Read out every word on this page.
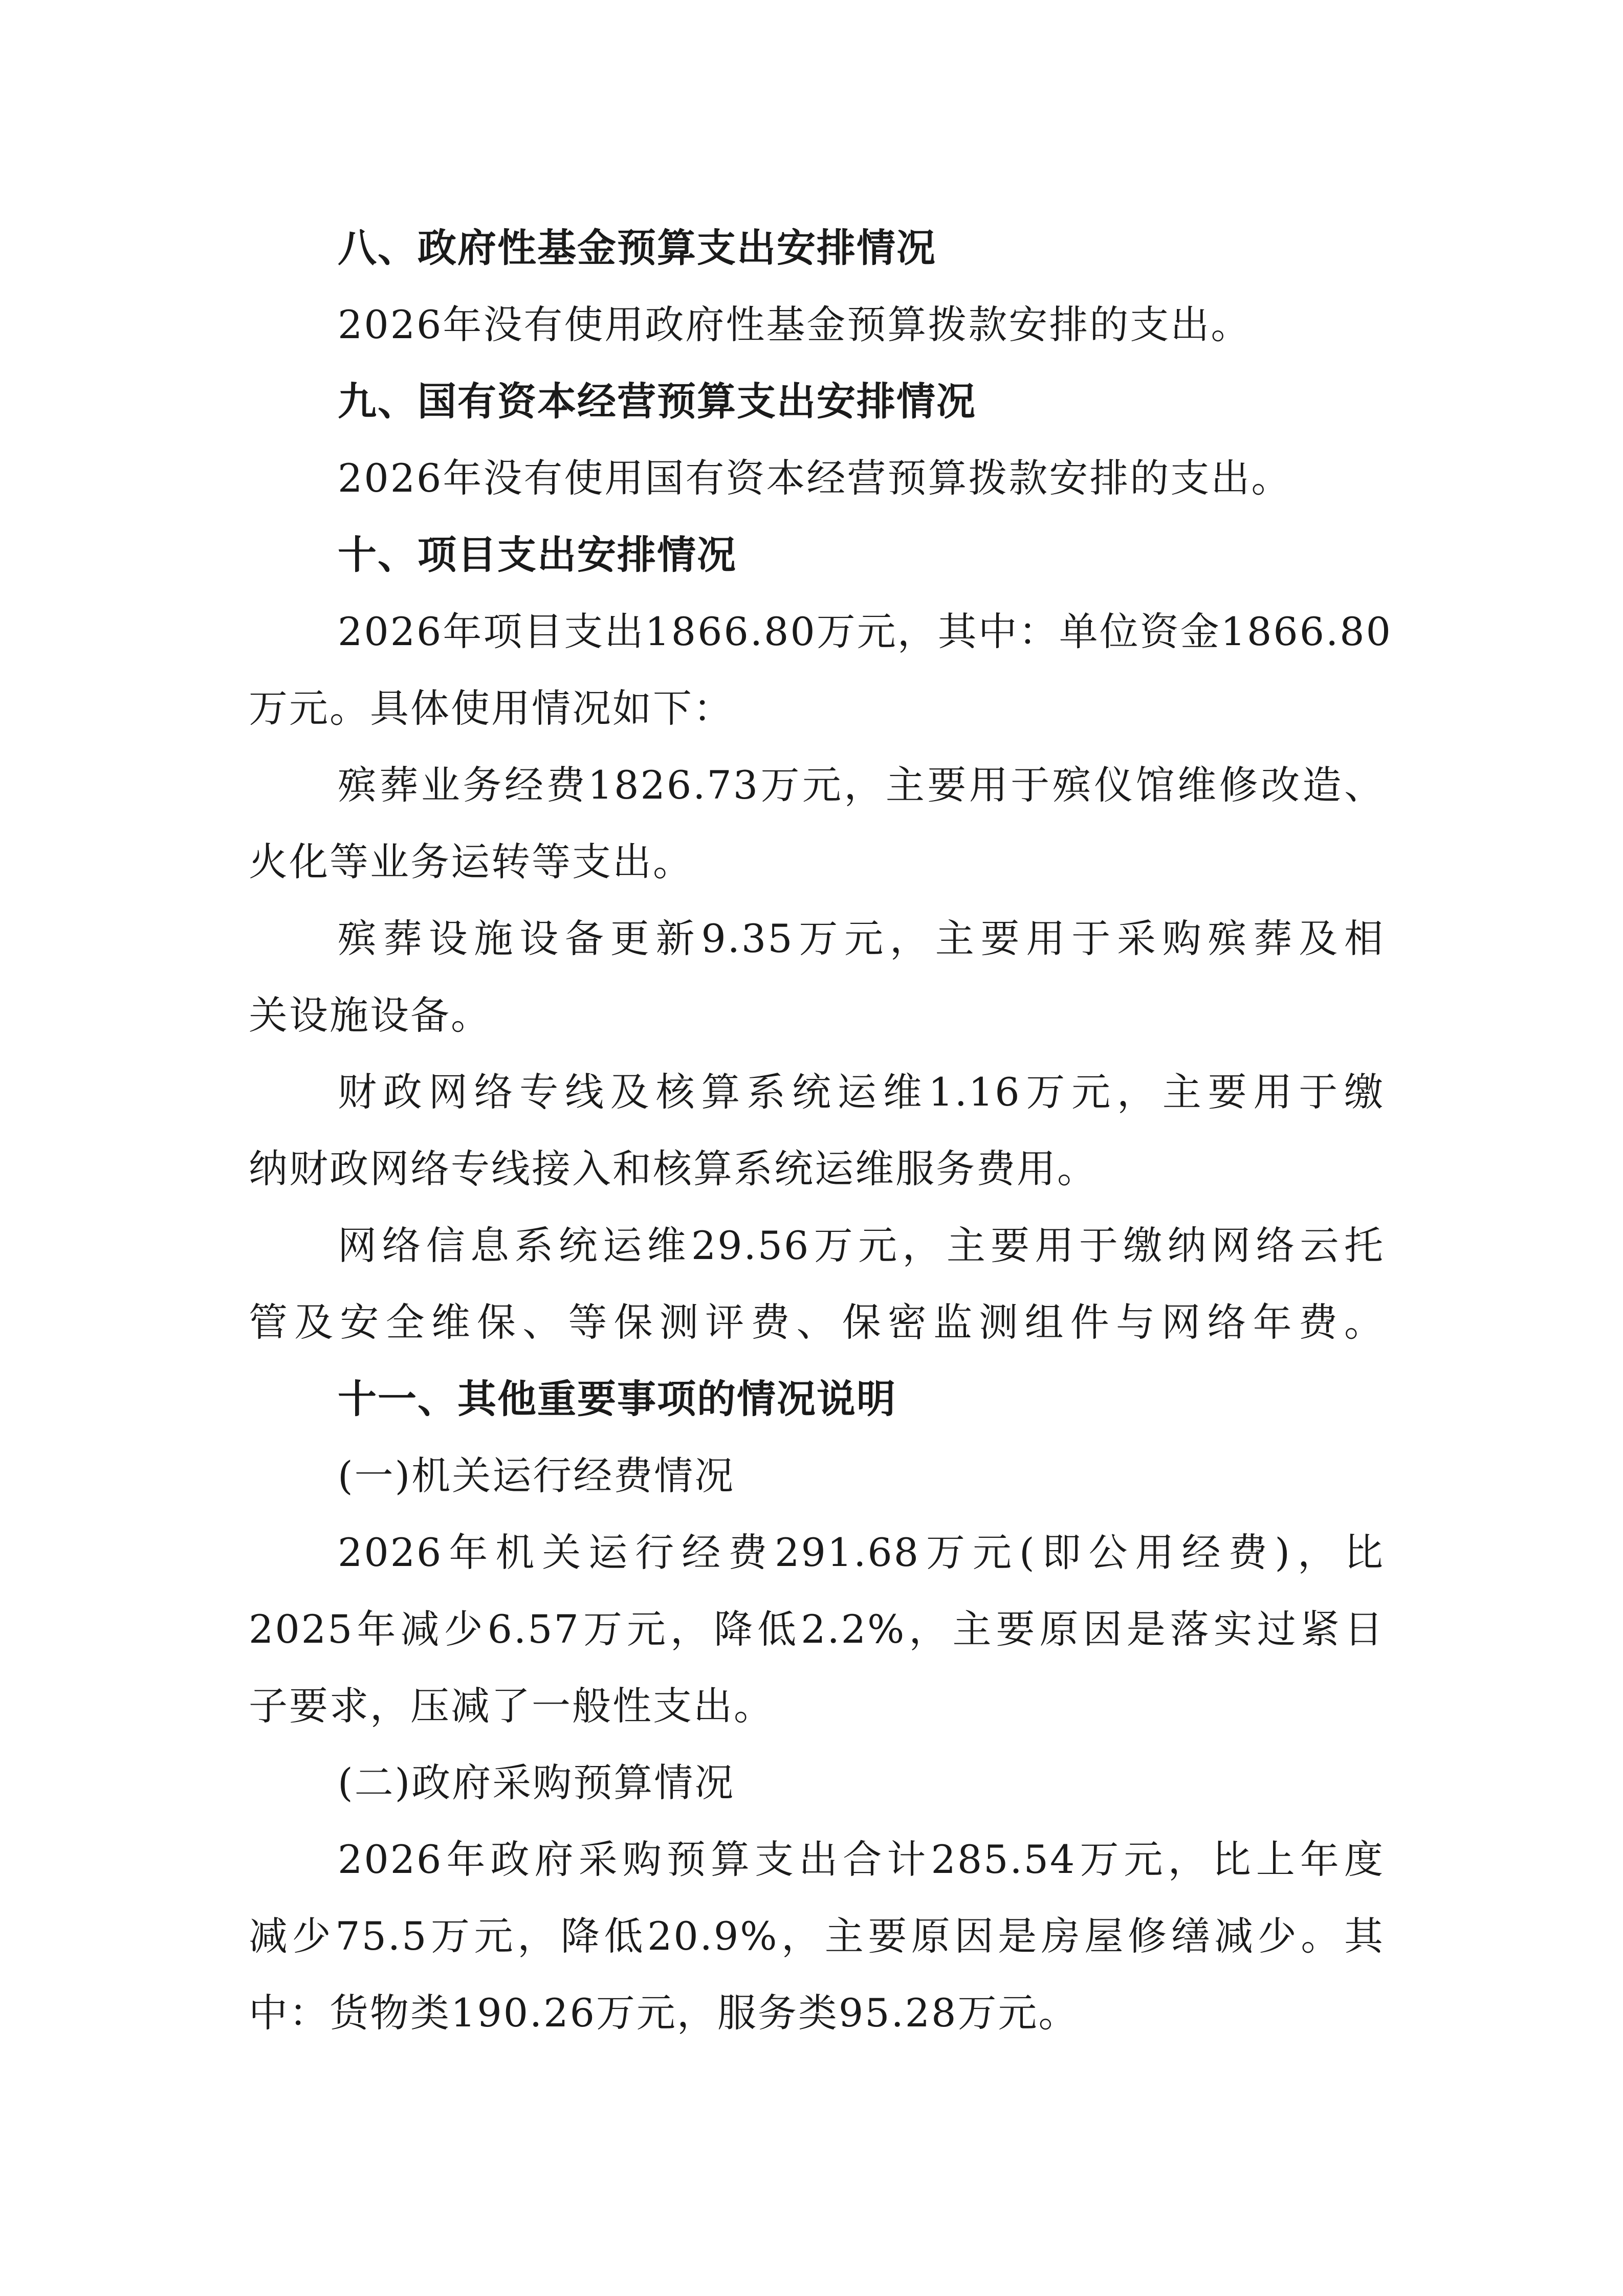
八、政府性基金预算支出安排情况
2026年没有使用政府性基金预算拨款安排的支出。
九、国有资本经营预算支出安排情况
2026年没有使用国有资本经营预算拨款安排的支出。
十、项目支出安排情况
2026年项目支出1866.80万元，其中：单位资金1866.80
万元。具体使用情况如下：
殡葬业务经费1826.73万元，主要用于殡仪馆维修改造、
火化等业务运转等支出。
殡葬设施设备更新9.35万元，主要用于采购殡葬及相
关设施设备。
财政网络专线及核算系统运维1.16万元，主要用于缴
纳财政网络专线接入和核算系统运维服务费用。
网络信息系统运维29.56万元，主要用于缴纳网络云托
管及安全维保、等保测评费、保密监测组件与网络年费。
十一、其他重要事项的情况说明
(一)机关运行经费情况
2026年机关运行经费291.68万元(即公用经费)，比
2025年减少6.57万元，降低2.2%，主要原因是落实过紧日
子要求，压减了一般性支出。
(二)政府采购预算情况
2026年政府采购预算支出合计285.54万元，比上年度
减少75.5万元，降低20.9%，主要原因是房屋修缮减少。其
中：货物类190.26万元，服务类95.28万元。
